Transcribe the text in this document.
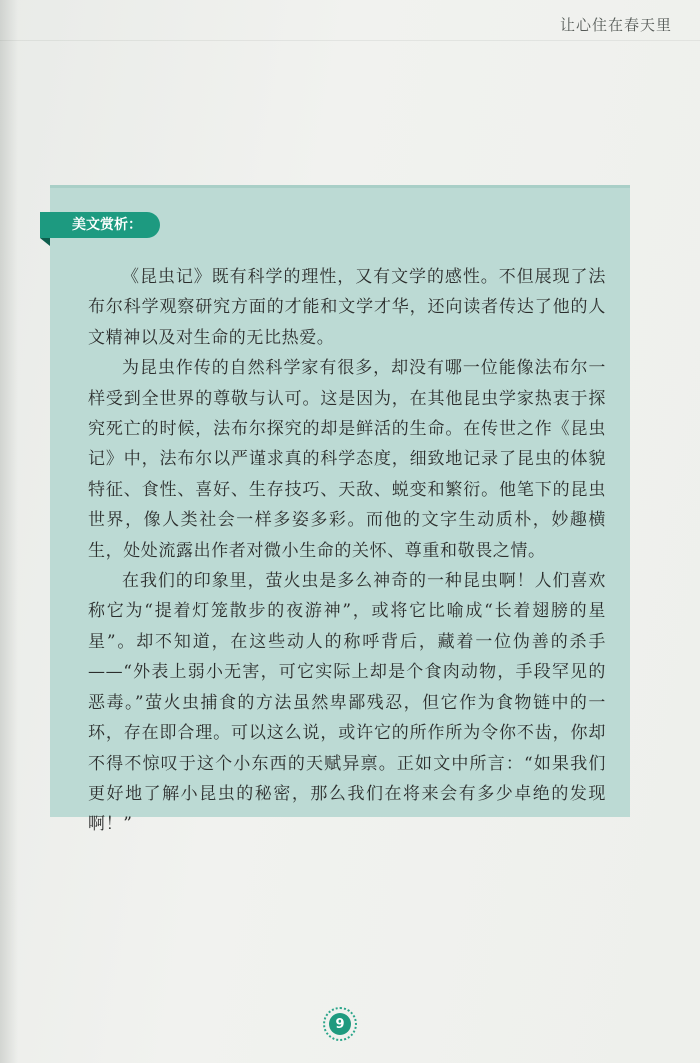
让心住在春天里
美文赏析：

《昆虫记》既有科学的理性，又有文学的感性。不但展现了法布尔科学观察研究方面的才能和文学才华，还向读者传达了他的人文精神以及对生命的无比热爱。

为昆虫作传的自然科学家有很多，却没有哪一位能像法布尔一样受到全世界的尊敬与认可。这是因为，在其他昆虫学家热衷于探究死亡的时候，法布尔探究的却是鲜活的生命。在传世之作《昆虫记》中，法布尔以严谨求真的科学态度，细致地记录了昆虫的体貌特征、食性、喜好、生存技巧、天敌、蜕变和繁衍。他笔下的昆虫世界，像人类社会一样多姿多彩。而他的文字生动质朴，妙趣横生，处处流露出作者对微小生命的关怀、尊重和敬畏之情。

在我们的印象里，萤火虫是多么神奇的一种昆虫啊！人们喜欢称它为“提着灯笼散步的夜游神”，或将它比喻成“长着翅膀的星星”。却不知道，在这些动人的称呼背后，藏着一位伪善的杀手——“外表上弱小无害，可它实际上却是个食肉动物，手段罕见的恶毒。”萤火虫捕食的方法虽然卑鄙残忍，但它作为食物链中的一环，存在即合理。可以这么说，或许它的所作所为令你不齿，你却不得不惊叹于这个小东西的天赋异禀。正如文中所言：“如果我们更好地了解小昆虫的秘密，那么我们在将来会有多少卓绝的发现啊！”

9
